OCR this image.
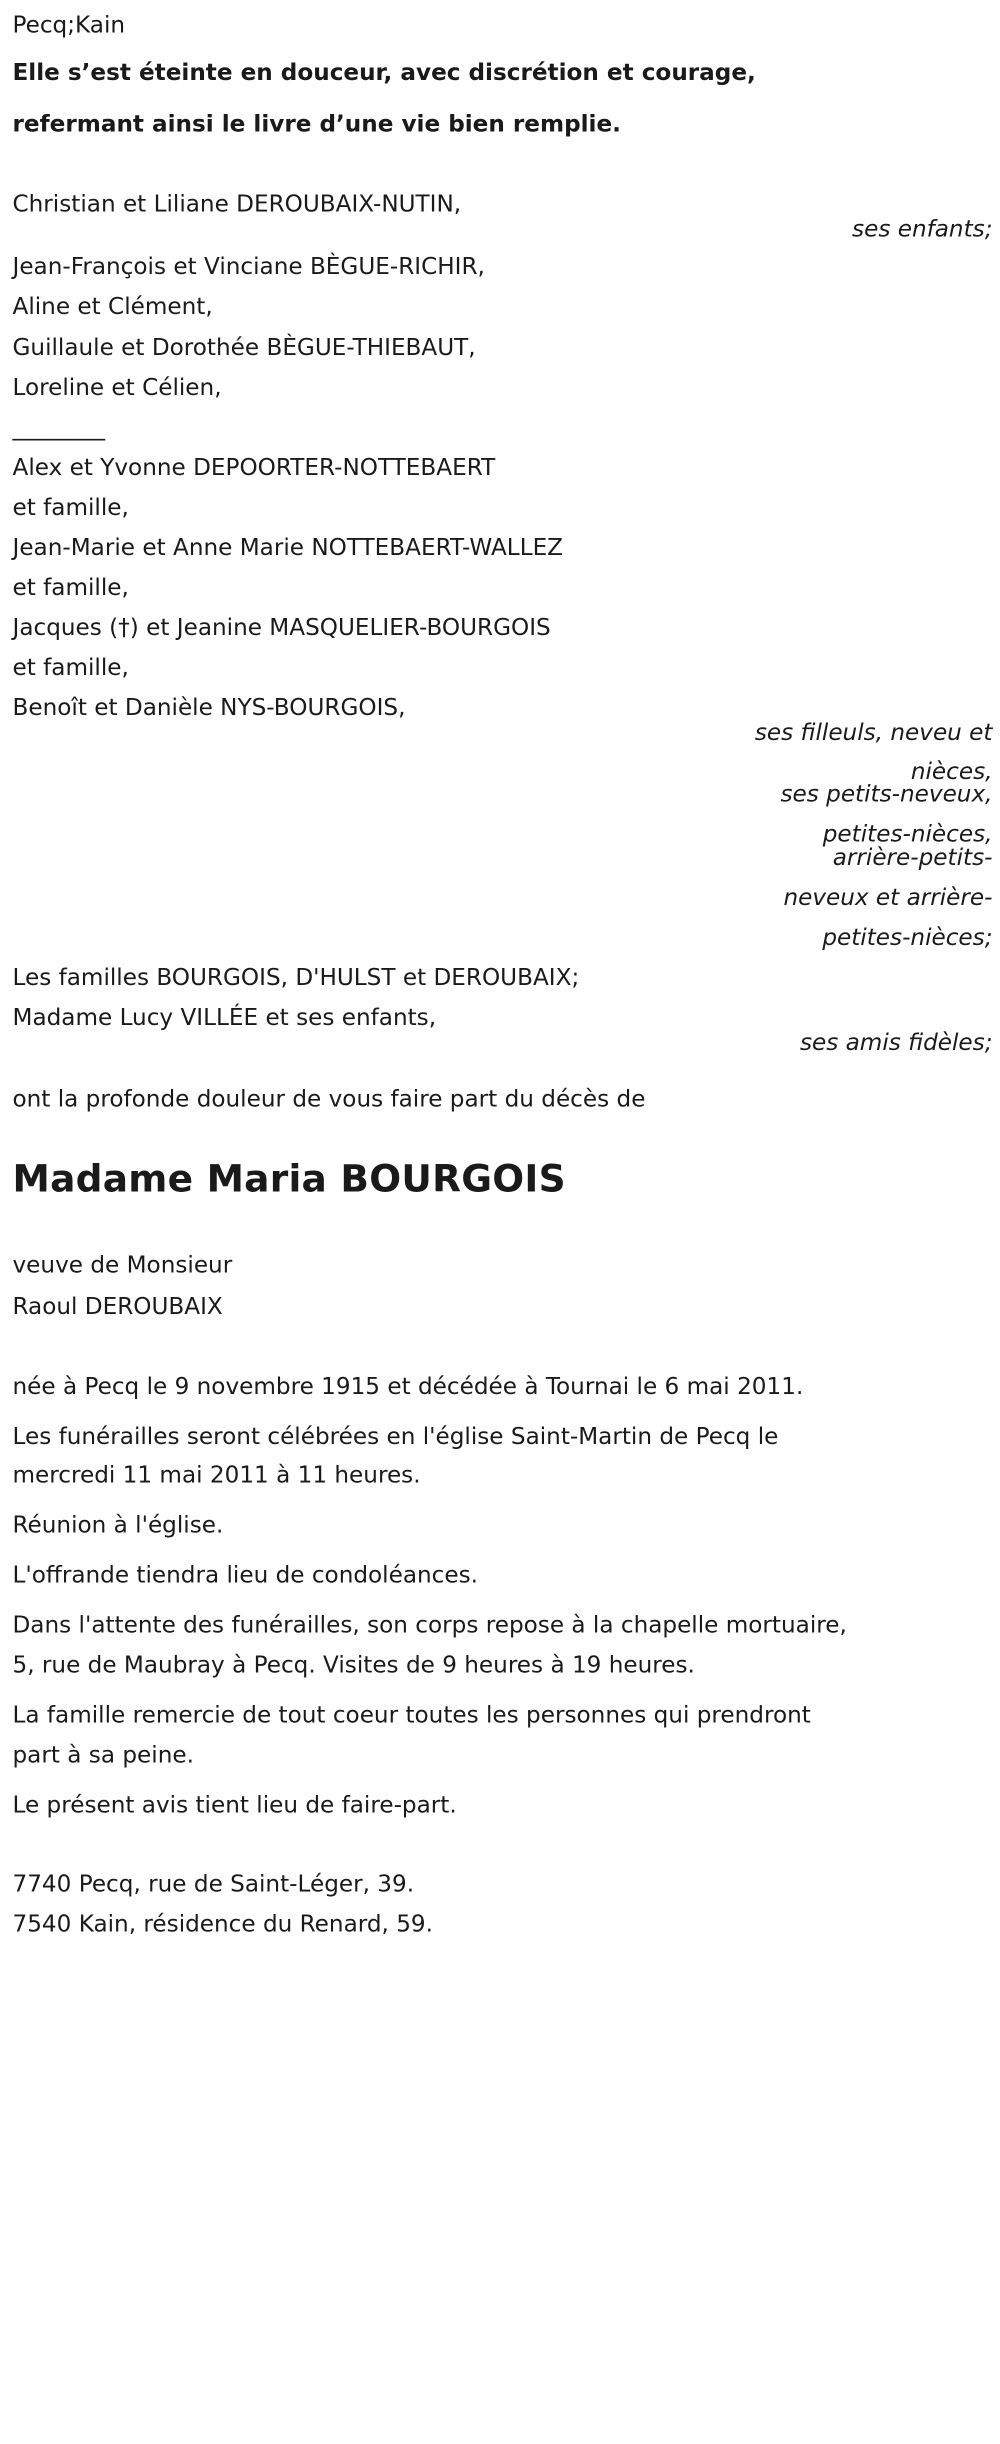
Pecq;Kain
Elle s’est éteinte en douceur, avec discrétion et courage,
refermant ainsi le livre d’une vie bien remplie.
Christian et Liliane DEROUBAIX-NUTIN,
ses enfants;
Jean-François et Vinciane BÈGUE-RICHIR,
Aline et Clément,
Guillaule et Dorothée BÈGUE-THIEBAUT,
Loreline et Célien,
________
Alex et Yvonne DEPOORTER-NOTTEBAERT
et famille,
Jean-Marie et Anne Marie NOTTEBAERT-WALLEZ
et famille,
Jacques (†) et Jeanine MASQUELIER-BOURGOIS
et famille,
Benoît et Danièle NYS-BOURGOIS,
ses filleuls, neveu et
nièces,
ses petits-neveux,
petites-nièces,
arrière-petits-
neveux et arrière-
petites-nièces;
Les familles BOURGOIS, D'HULST et DEROUBAIX;
Madame Lucy VILLÉE et ses enfants,
ses amis fidèles;
ont la profonde douleur de vous faire part du décès de
Madame Maria BOURGOIS
veuve de Monsieur
Raoul DEROUBAIX
née à Pecq le 9 novembre 1915 et décédée à Tournai le 6 mai 2011.
Les funérailles seront célébrées en l'église Saint-Martin de Pecq le
mercredi 11 mai 2011 à 11 heures.
Réunion à l'église.
L'offrande tiendra lieu de condoléances.
Dans l'attente des funérailles, son corps repose à la chapelle mortuaire,
5, rue de Maubray à Pecq. Visites de 9 heures à 19 heures.
La famille remercie de tout coeur toutes les personnes qui prendront
part à sa peine.
Le présent avis tient lieu de faire-part.
7740 Pecq, rue de Saint-Léger, 39.
7540 Kain, résidence du Renard, 59.
